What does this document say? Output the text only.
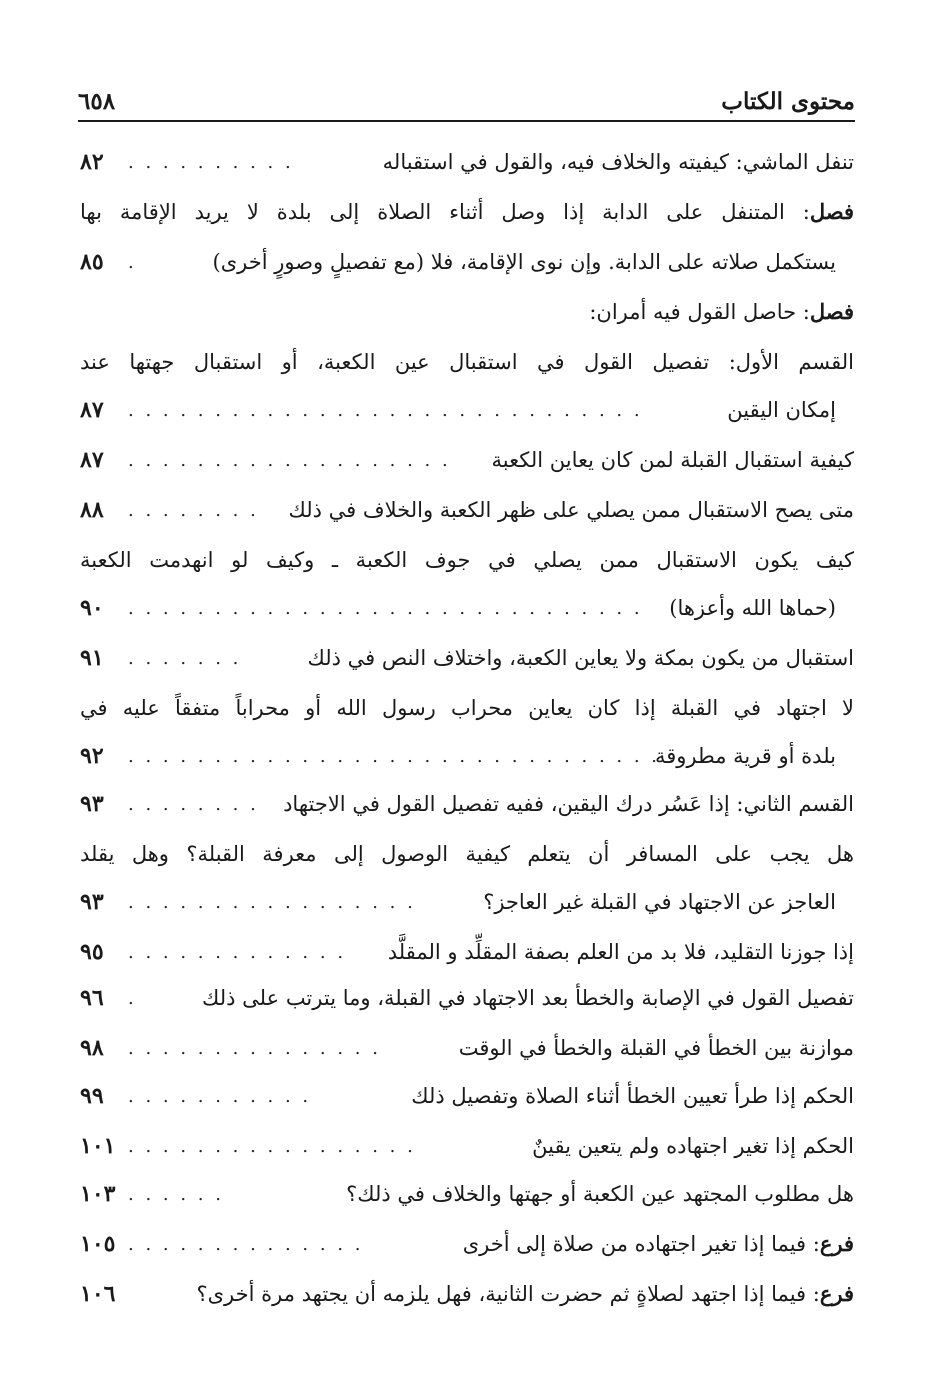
محتوى الكتاب
٦٥٨
تنفل الماشي: كيفيته والخلاف فيه، والقول في استقباله
. . . . . . . . . .
٨٢
فصل: المتنفل على الدابة إذا وصل أثناء الصلاة إلى بلدة لا يريد الإقامة بها
يستكمل صلاته على الدابة. وإن نوى الإقامة، فلا (مع تفصيلٍ وصورٍ أخرى)
.
٨٥
فصل: حاصل القول فيه أمران:
القسم الأول: تفصيل القول في استقبال عين الكعبة، أو استقبال جهتها عند
إمكان اليقين
. . . . . . . . . . . . . . . . . . . . . . . . . . . . . .
٨٧
كيفية استقبال القبلة لمن كان يعاين الكعبة
. . . . . . . . . . . . . . . . . . .
٨٧
متى يصح الاستقبال ممن يصلي على ظهر الكعبة والخلاف في ذلك
. . . . . . . .
٨٨
كيف يكون الاستقبال ممن يصلي في جوف الكعبة ـ وكيف لو انهدمت الكعبة
(حماها الله وأعزها)
. . . . . . . . . . . . . . . . . . . . . . . . . . . . . .
٩٠
استقبال من يكون بمكة ولا يعاين الكعبة، واختلاف النص في ذلك
. . . . . . .
٩١
لا اجتهاد في القبلة إذا كان يعاين محراب رسول الله أو محراباً متفقاً عليه في
بلدة أو قرية مطروقة
. . . . . . . . . . . . . . . . . . . . . . . . . . . . . . . .
٩٢
القسم الثاني: إذا عَسُر درك اليقين، ففيه تفصيل القول في الاجتهاد
. . . . . . . .
٩٣
هل يجب على المسافر أن يتعلم كيفية الوصول إلى معرفة القبلة؟ وهل يقلد
العاجز عن الاجتهاد في القبلة غير العاجز؟
. . . . . . . . . . . . . . . . .
٩٣
إذا جوزنا التقليد، فلا بد من العلم بصفة المقلِّد و المقلَّد
. . . . . . . . . . . . .
٩٥
تفصيل القول في الإصابة والخطأ بعد الاجتهاد في القبلة، وما يترتب على ذلك
.
٩٦
موازنة بين الخطأ في القبلة والخطأ في الوقت
. . . . . . . . . . . . . . .
٩٨
الحكم إذا طرأ تعيين الخطأ أثناء الصلاة وتفصيل ذلك
. . . . . . . . . . .
٩٩
الحكم إذا تغير اجتهاده ولم يتعين يقينٌ
. . . . . . . . . . . . . . . . .
١٠١
هل مطلوب المجتهد عين الكعبة أو جهتها والخلاف في ذلك؟
. . . . . .
١٠٣
فرع: فيما إذا تغير اجتهاده من صلاة إلى أخرى
. . . . . . . . . . . . . .
١٠٥
فرع: فيما إذا اجتهد لصلاةٍ ثم حضرت الثانية، فهل يلزمه أن يجتهد مرة أخرى؟
١٠٦
